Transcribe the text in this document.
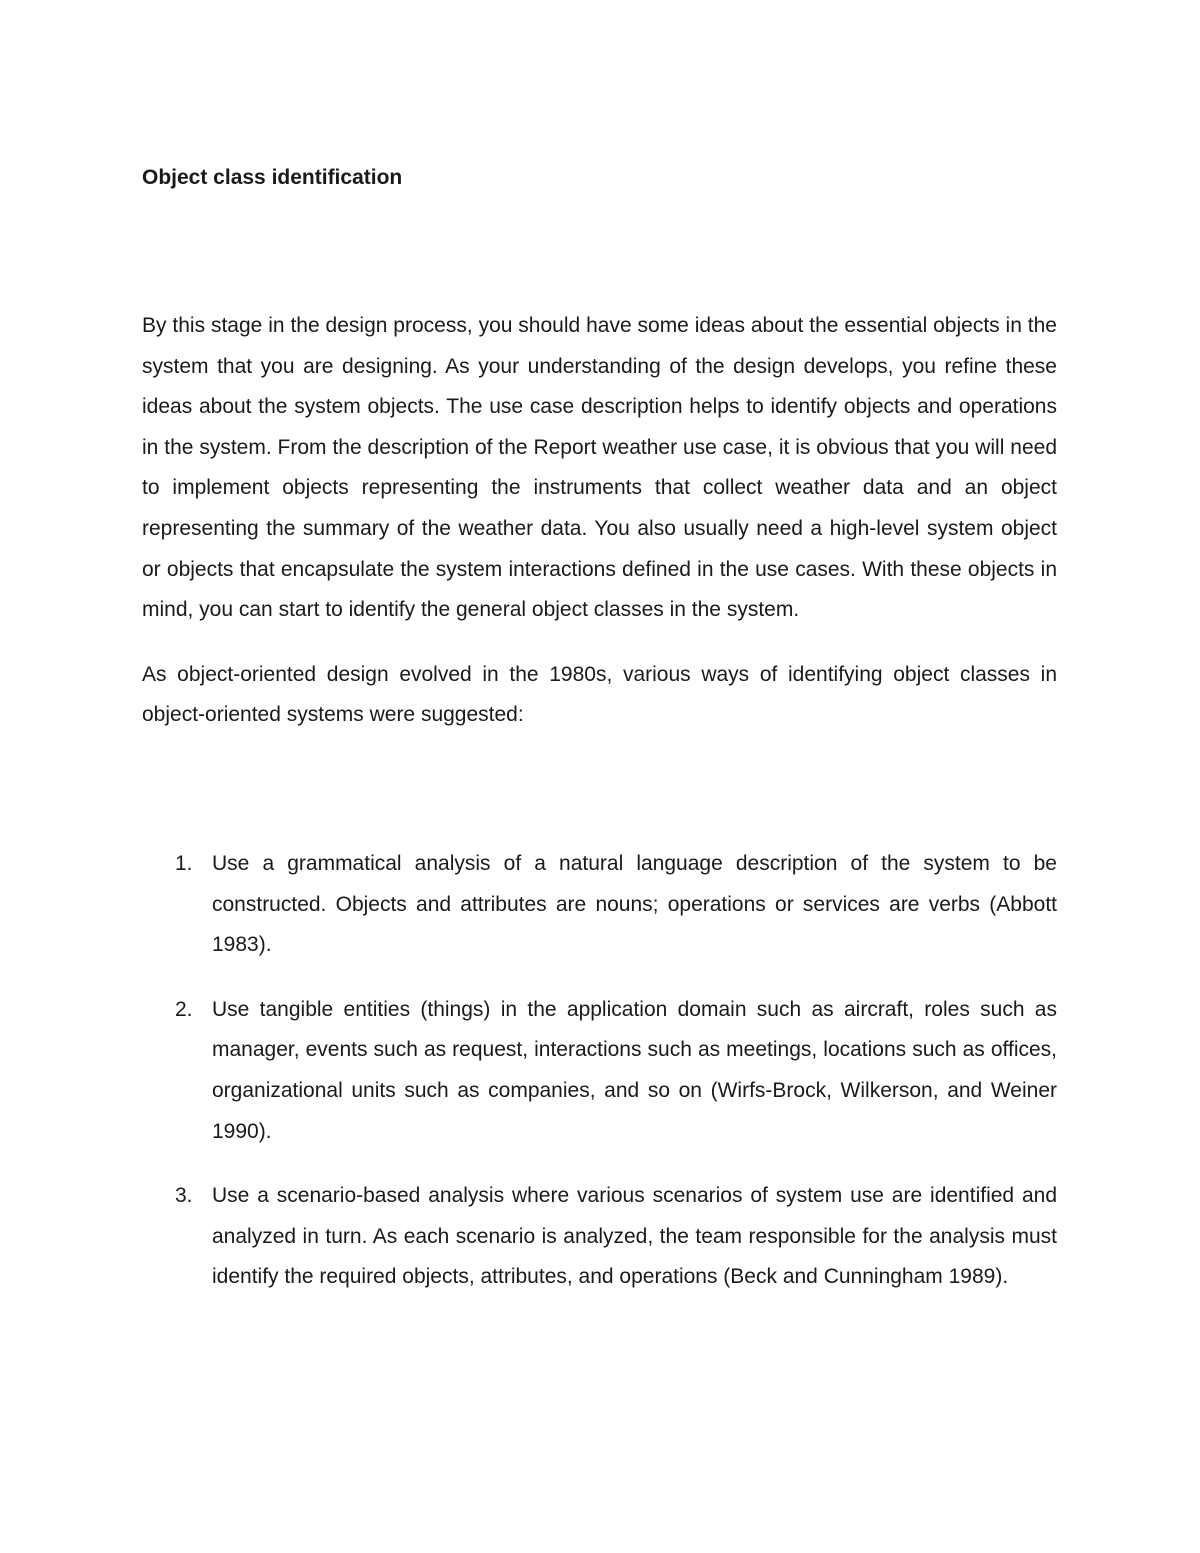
Object class identification

By this stage in the design process, you should have some ideas about the essential objects in the system that you are designing. As your understanding of the design develops, you refine these ideas about the system objects. The use case description helps to identify objects and operations in the system. From the description of the Report weather use case, it is obvious that you will need to implement objects representing the instruments that collect weather data and an object representing the summary of the weather data. You also usually need a high-level system object or objects that encapsulate the system interactions defined in the use cases. With these objects in mind, you can start to identify the general object classes in the system.

As object-oriented design evolved in the 1980s, various ways of identifying object classes in object-oriented systems were suggested:

1. Use a grammatical analysis of a natural language description of the system to be constructed. Objects and attributes are nouns; operations or services are verbs (Abbott 1983).
2. Use tangible entities (things) in the application domain such as aircraft, roles such as manager, events such as request, interactions such as meetings, locations such as offices, organizational units such as companies, and so on (Wirfs-Brock, Wilkerson, and Weiner 1990).
3. Use a scenario-based analysis where various scenarios of system use are identified and analyzed in turn. As each scenario is analyzed, the team responsible for the analysis must identify the required objects, attributes, and operations (Beck and Cunningham 1989).
